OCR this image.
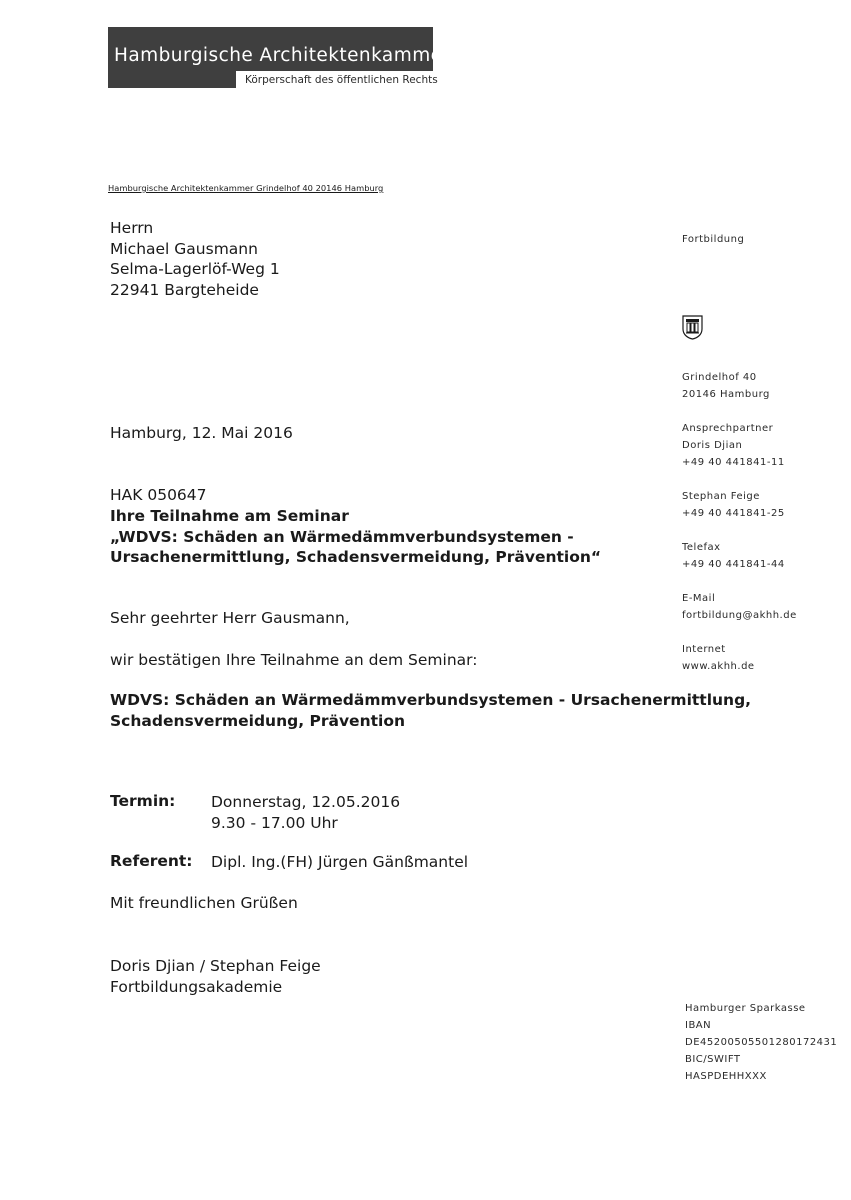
Hamburgische Architektenkammer
Körperschaft des öffentlichen Rechts
Hamburgische Architektenkammer Grindelhof 40 20146 Hamburg
Herrn
Michael Gausmann
Selma-Lagerlöf-Weg 1
22941 Bargteheide
Hamburg, 12. Mai 2016
HAK 050647
Ihre Teilnahme am Seminar
„WDVS: Schäden an Wärmedämmverbundsystemen -
Ursachenermittlung, Schadensvermeidung, Prävention“
Sehr geehrter Herr Gausmann,
wir bestätigen Ihre Teilnahme an dem Seminar:
WDVS: Schäden an Wärmedämmverbundsystemen - Ursachenermittlung,
Schadensvermeidung, Prävention
Termin: Donnerstag, 12.05.2016
9.30 - 17.00 Uhr
Referent: Dipl. Ing.(FH) Jürgen Gänßmantel
Mit freundlichen Grüßen
Doris Djian / Stephan Feige
Fortbildungsakademie
Fortbildung
Grindelhof 40
20146 Hamburg
Ansprechpartner
Doris Djian
+49 40 441841-11
Stephan Feige
+49 40 441841-25
Telefax
+49 40 441841-44
E-Mail
fortbildung@akhh.de
Internet
www.akhh.de
Hamburger Sparkasse
IBAN
DE45200505501280172431
BIC/SWIFT
HASPDEHHXXX
